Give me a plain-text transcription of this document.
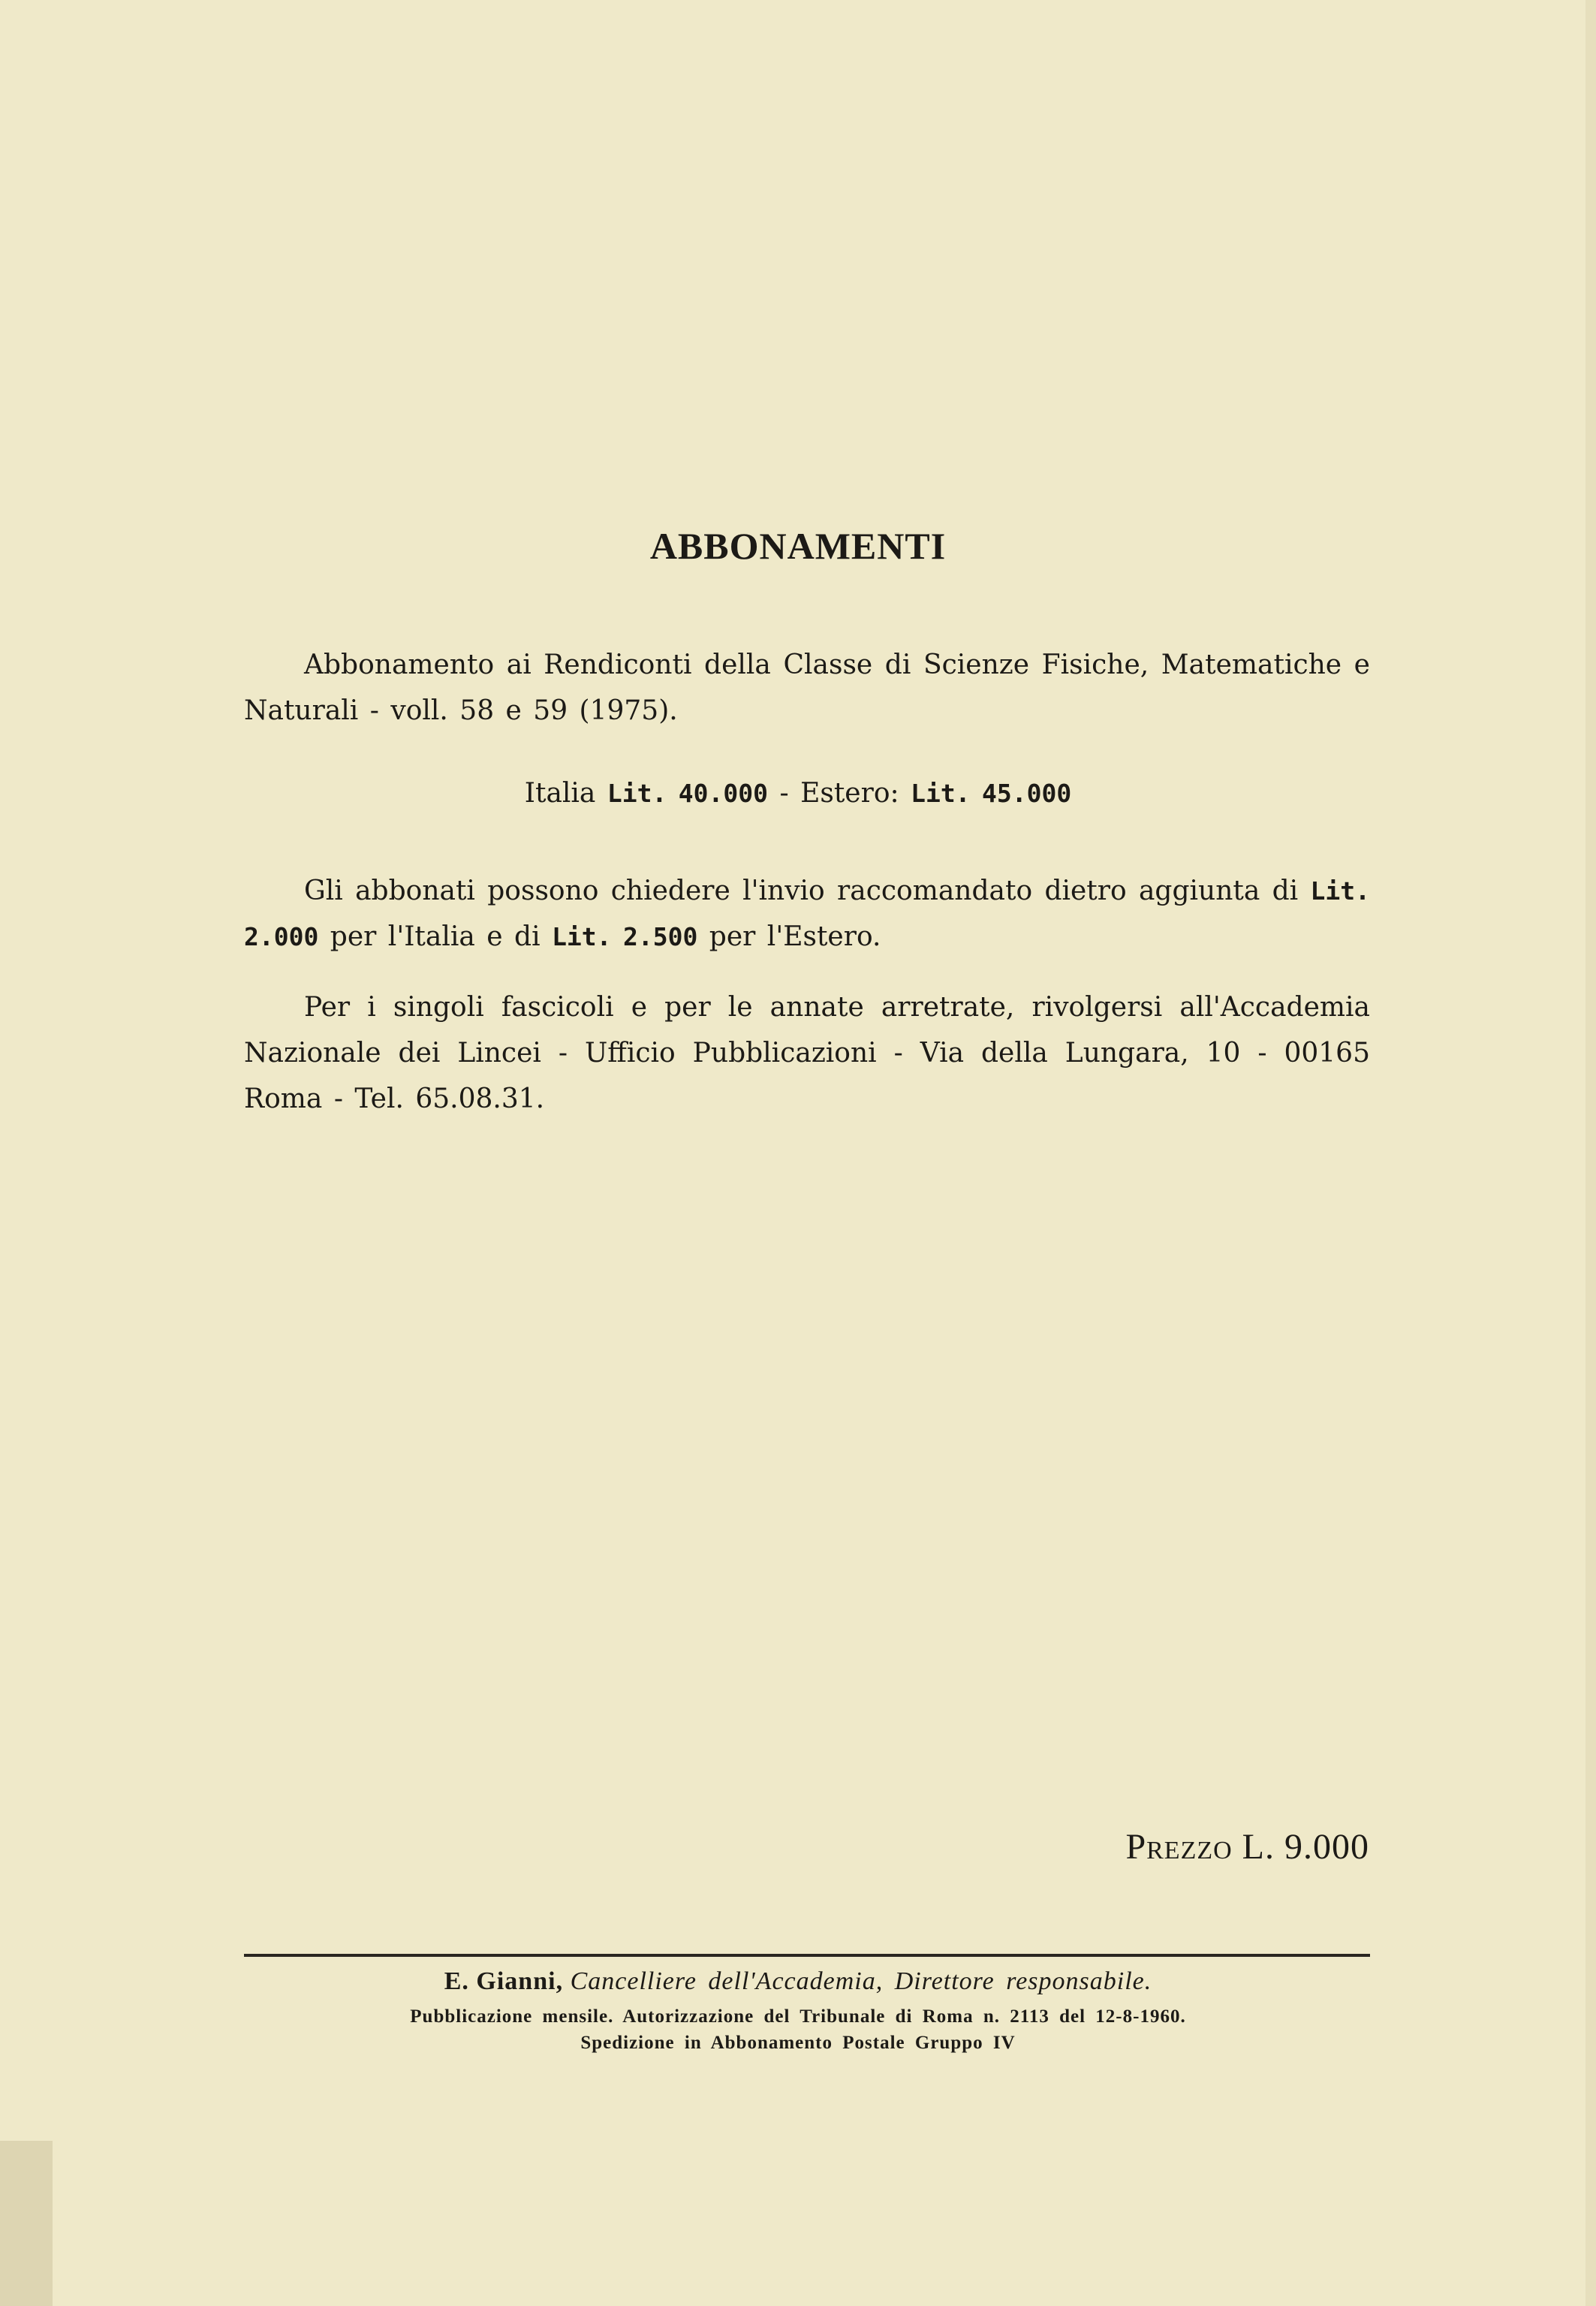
ABBONAMENTI
Abbonamento ai Rendiconti della Classe di Scienze Fisiche, Matematiche e Naturali - voll. 58 e 59 (1975).
Italia Lit. 40.000 - Estero: Lit. 45.000
Gli abbonati possono chiedere l'invio raccomandato dietro aggiunta di Lit. 2.000 per l'Italia e di Lit. 2.500 per l'Estero.
Per i singoli fascicoli e per le annate arretrate, rivolgersi all'Accademia Nazionale dei Lincei - Ufficio Pubblicazioni - Via della Lungara, 10 - 00165 Roma - Tel. 65.08.31.
Prezzo L. 9.000
E. Gianni, Cancelliere dell'Accademia, Direttore responsabile.
Pubblicazione mensile. Autorizzazione del Tribunale di Roma n. 2113 del 12-8-1960.
Spedizione in Abbonamento Postale Gruppo IV
